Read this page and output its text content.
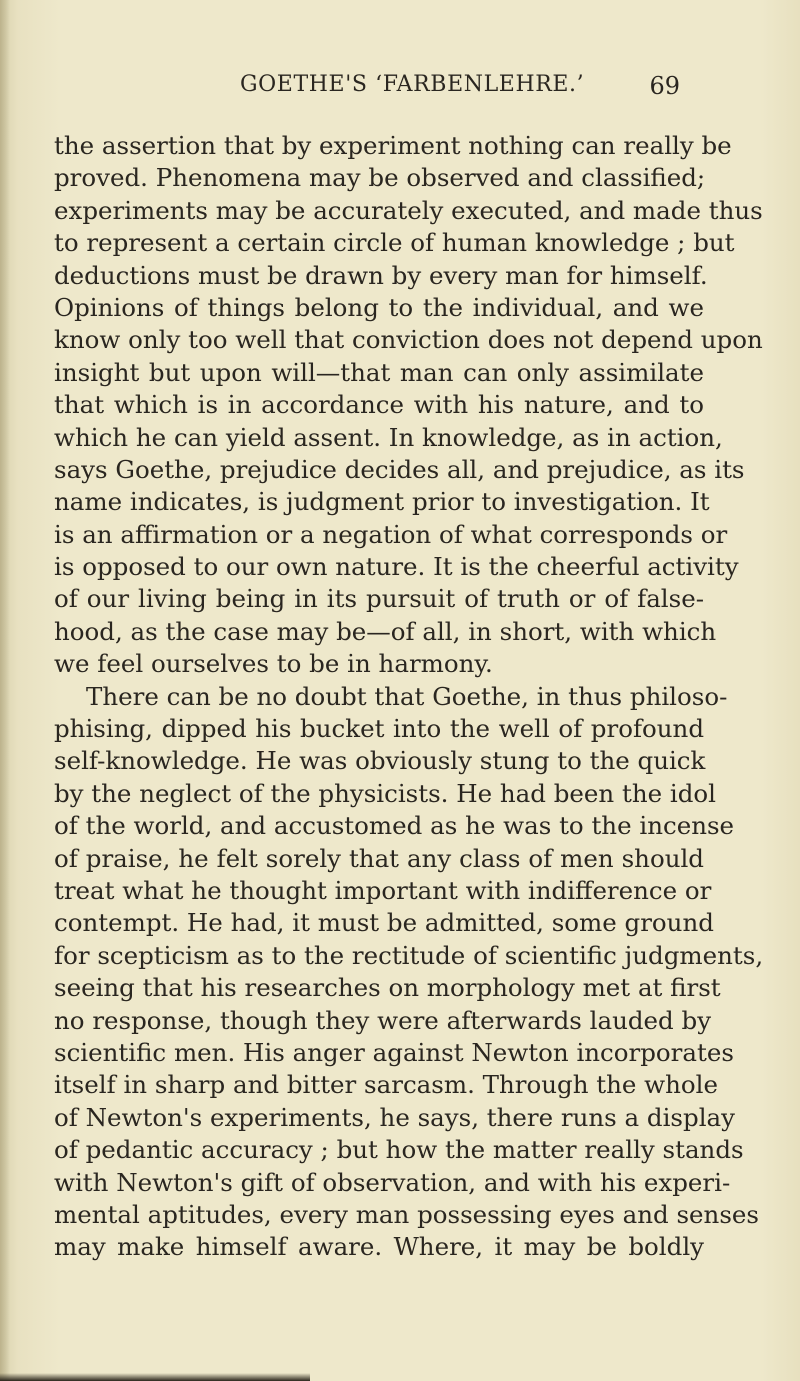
GOETHE'S ‘FARBENLEHRE.’	69
the assertion that by experiment nothing can really be
proved. Phenomena may be observed and classified;
experiments may be accurately executed, and made thus
to represent a certain circle of human knowledge ; but
deductions must be drawn by every man for himself.
Opinions of things belong to the individual, and we
know only too well that conviction does not depend upon
insight but upon will—that man can only assimilate
that which is in accordance with his nature, and to
which he can yield assent. In knowledge, as in action,
says Goethe, prejudice decides all, and prejudice, as its
name indicates, is judgment prior to investigation. It
is an affirmation or a negation of what corresponds or
is opposed to our own nature. It is the cheerful activity
of our living being in its pursuit of truth or of false-
hood, as the case may be—of all, in short, with which
we feel ourselves to be in harmony.
There can be no doubt that Goethe, in thus philoso-
phising, dipped his bucket into the well of profound
self-knowledge. He was obviously stung to the quick
by the neglect of the physicists. He had been the idol
of the world, and accustomed as he was to the incense
of praise, he felt sorely that any class of men should
treat what he thought important with indifference or
contempt. He had, it must be admitted, some ground
for scepticism as to the rectitude of scientific judgments,
seeing that his researches on morphology met at first
no response, though they were afterwards lauded by
scientific men. His anger against Newton incorporates
itself in sharp and bitter sarcasm. Through the whole
of Newton's experiments, he says, there runs a display
of pedantic accuracy ; but how the matter really stands
with Newton's gift of observation, and with his experi-
mental aptitudes, every man possessing eyes and senses
may make himself aware. Where, it may be boldly
